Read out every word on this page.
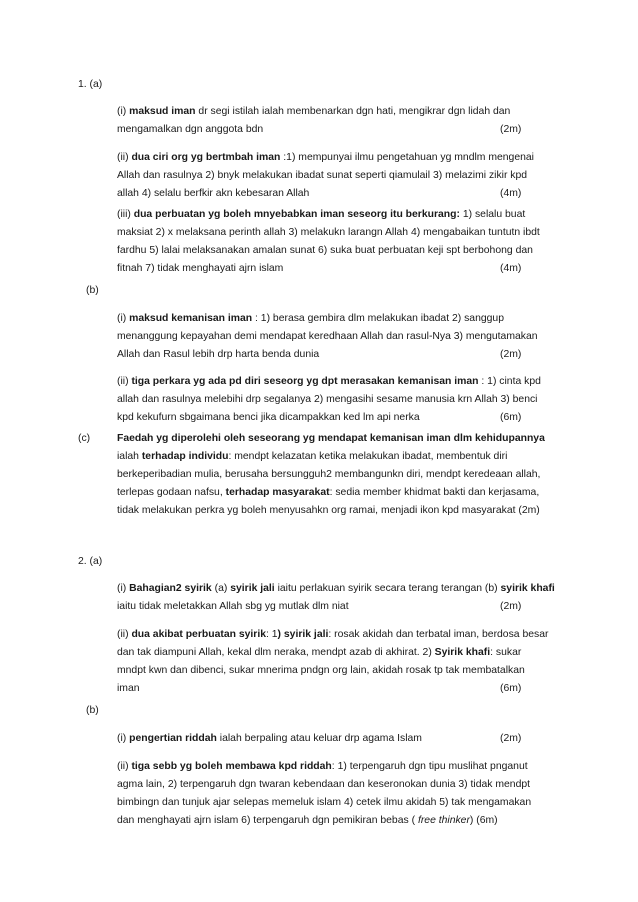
1. (a)
(i) maksud iman dr segi istilah ialah membenarkan dgn hati, mengikrar dgn lidah dan
mengamalkan dgn anggota bdn	(2m)
(ii) dua ciri org yg bertmbah iman :1) mempunyai ilmu pengetahuan yg mndlm mengenai
Allah dan rasulnya 2) bnyk melakukan ibadat sunat seperti qiamulail 3) melazimi zikir kpd
allah 4) selalu berfkir akn kebesaran Allah	(4m)
(iii) dua perbuatan yg boleh mnyebabkan iman seseorg itu berkurang: 1) selalu buat
maksiat 2) x melaksana perinth allah 3) melakukn larangn Allah 4) mengabaikan tuntutn ibdt
fardhu 5) lalai melaksanakan amalan sunat 6) suka buat perbuatan keji spt berbohong dan
fitnah 7) tidak menghayati ajrn islam	(4m)
(b)
(i) maksud kemanisan iman : 1) berasa gembira dlm melakukan ibadat 2) sanggup
menanggung kepayahan demi mendapat keredhaan Allah dan rasul-Nya 3) mengutamakan
Allah dan Rasul lebih drp harta benda dunia	(2m)
(ii) tiga perkara yg ada pd diri seseorg yg dpt merasakan kemanisan iman : 1) cinta kpd
allah dan rasulnya melebihi drp segalanya 2) mengasihi sesame manusia krn Allah 3) benci
kpd kekufurn sbgaimana benci jika dicampakkan ked lm api nerka	(6m)
(c)	Faedah yg diperolehi oleh seseorang yg mendapat kemanisan iman dlm kehidupannya
ialah terhadap individu: mendpt kelazatan ketika melakukan ibadat, membentuk diri
berkeperibadian mulia, berusaha bersungguh2 membangunkn diri, mendpt keredeaan allah,
terlepas godaan nafsu, terhadap masyarakat: sedia member khidmat bakti dan kerjasama,
tidak melakukan perkra yg boleh menyusahkn org ramai, menjadi ikon kpd masyarakat (2m)
2. (a)
(i) Bahagian2 syirik (a) syirik jali iaitu perlakuan syirik secara terang terangan (b) syirik khafi
iaitu tidak meletakkan Allah sbg yg mutlak dlm niat	(2m)
(ii) dua akibat perbuatan syirik: 1) syirik jali: rosak akidah dan terbatal iman, berdosa besar
dan tak diampuni Allah, kekal dlm neraka, mendpt azab di akhirat. 2) Syirik khafi: sukar
mndpt kwn dan dibenci, sukar mnerima pndgn org lain, akidah rosak tp tak membatalkan
iman	(6m)
(b)
(i) pengertian riddah ialah berpaling atau keluar drp agama Islam	(2m)
(ii) tiga sebb yg boleh membawa kpd riddah: 1) terpengaruh dgn tipu muslihat pnganut
agma lain, 2) terpengaruh dgn twaran kebendaan dan keseronokan dunia 3) tidak mendpt
bimbingn dan tunjuk ajar selepas memeluk islam 4) cetek ilmu akidah 5) tak mengamakan
dan menghayati ajrn islam 6) terpengaruh dgn pemikiran bebas ( free thinker) (6m)
